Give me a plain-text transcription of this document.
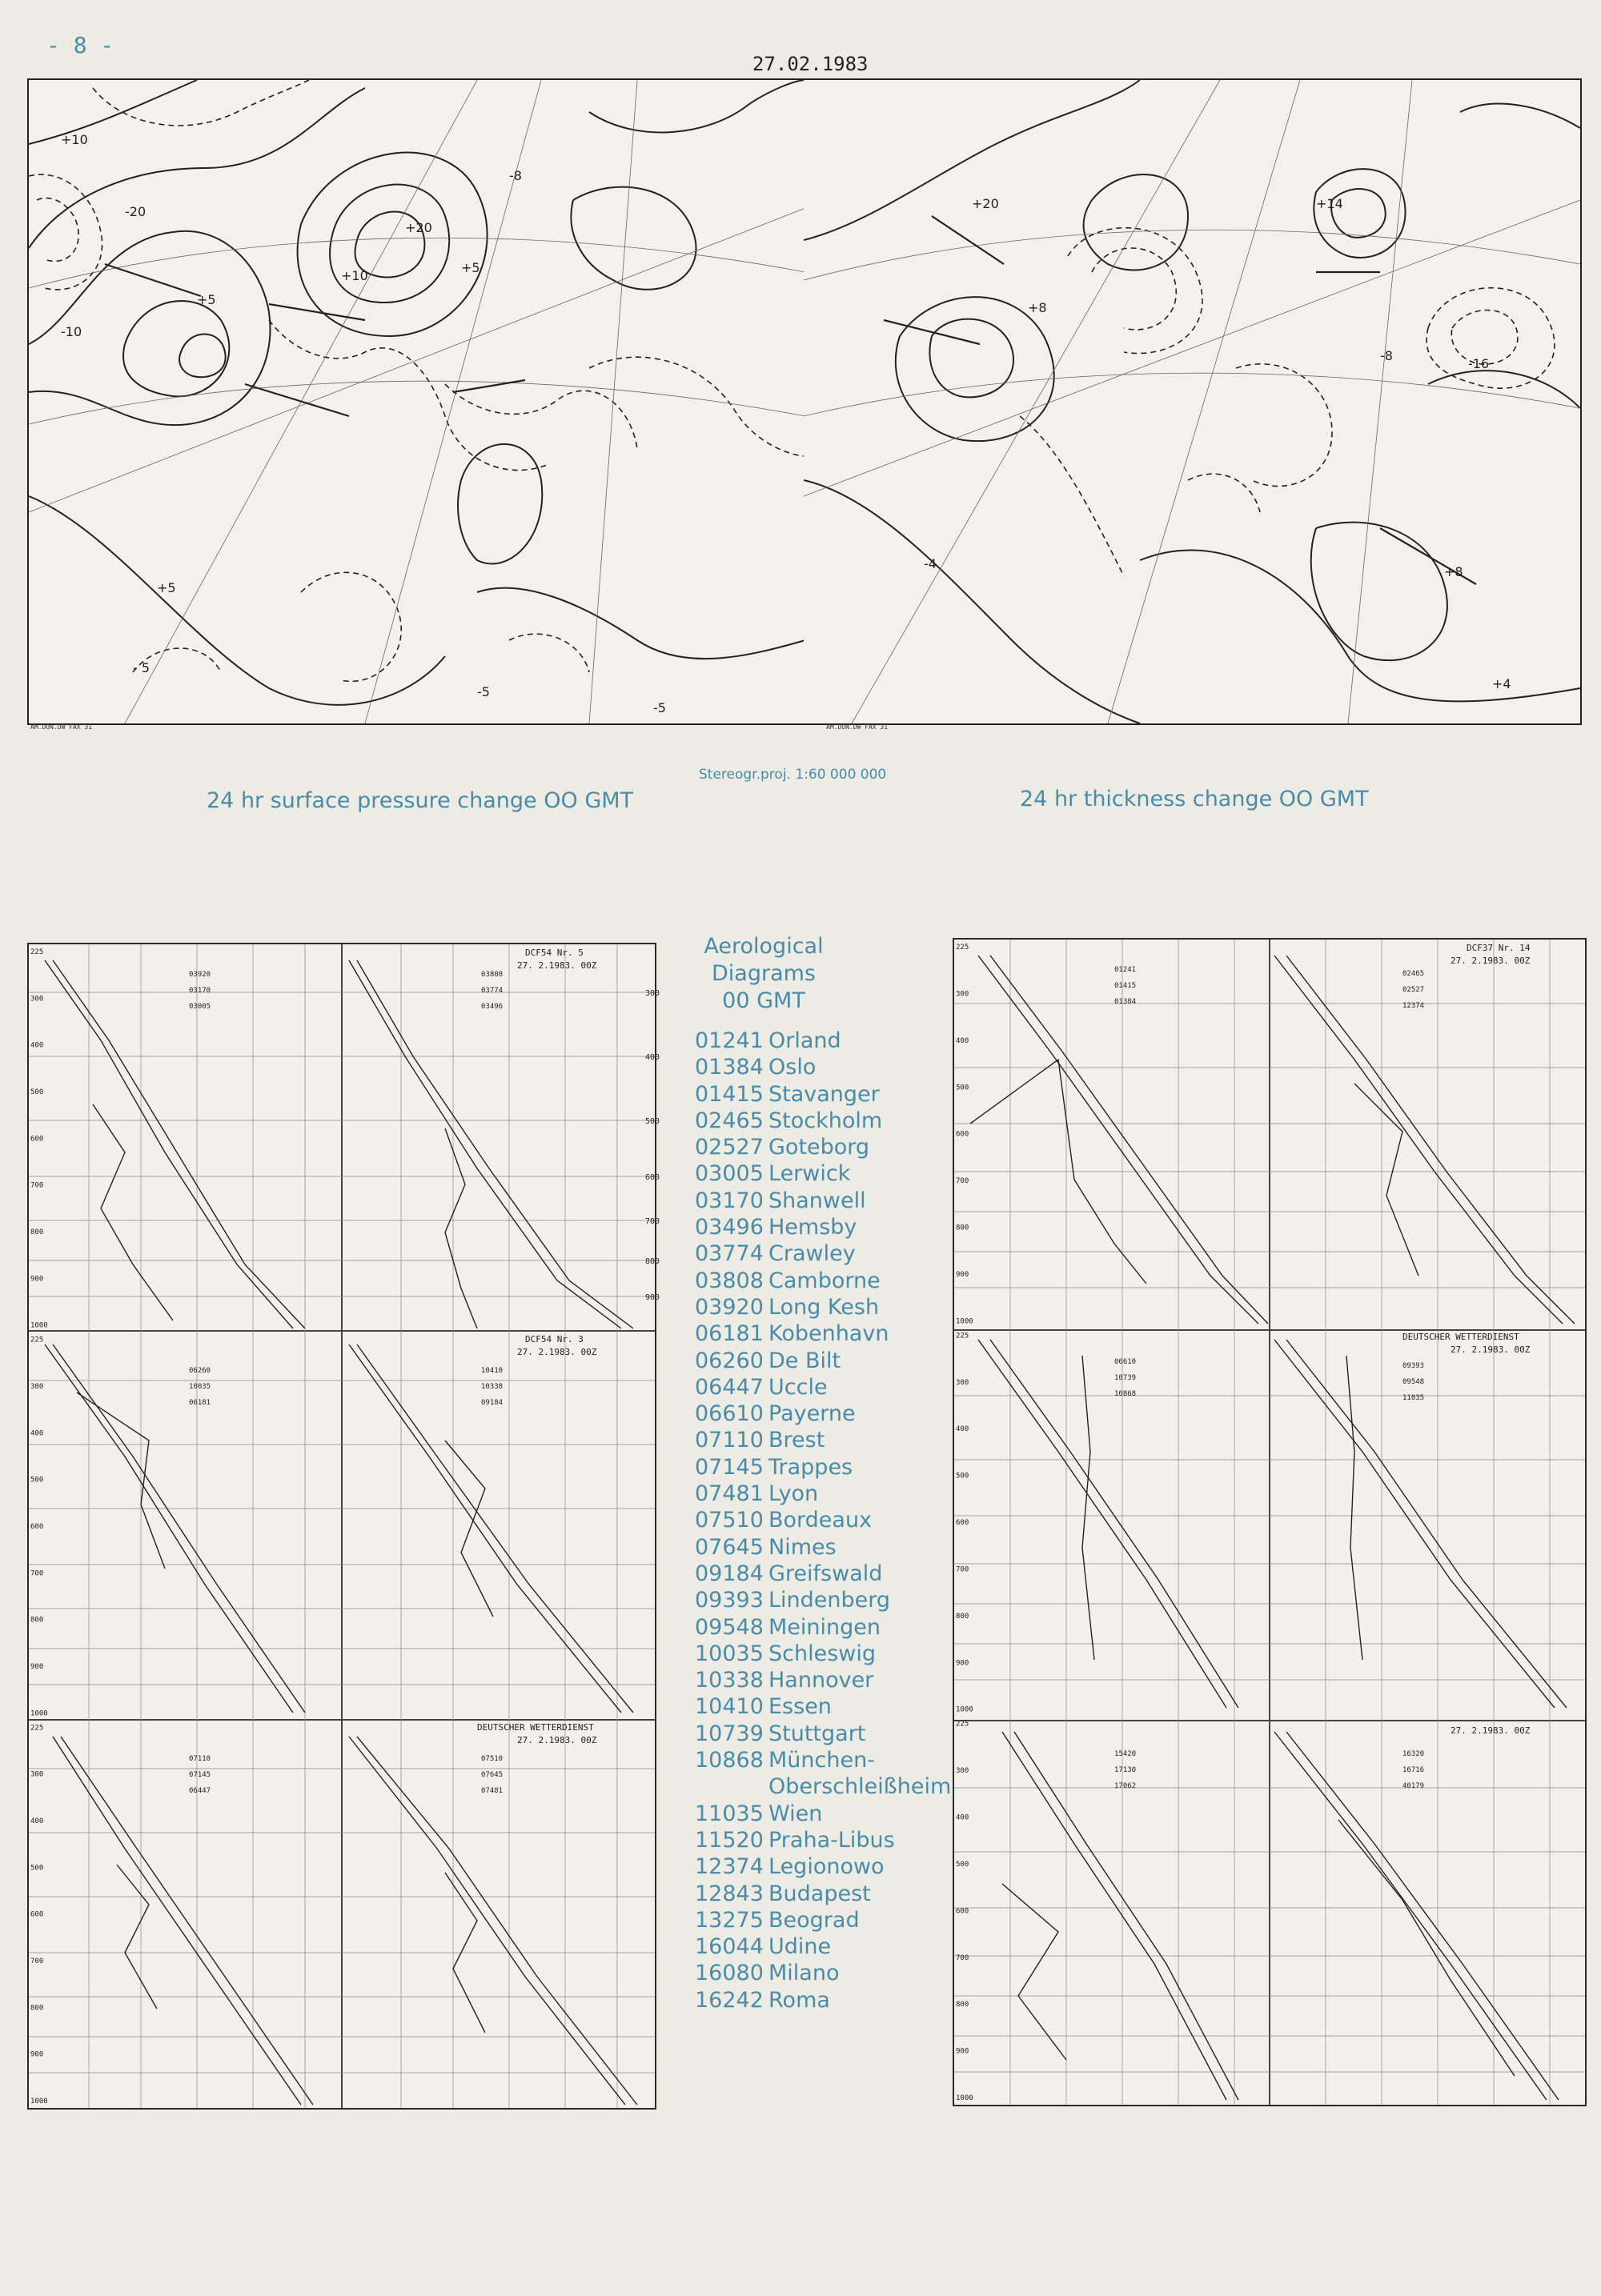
- 8 -
27.02.1983
+10
-20
-10
+5
+10
+20
+5
-8
+5
-5
- 5
-5
+20	+14
-8
-16
+8
+8
-4
+4
AM.DUN.DW FAX 31	AM.DUN.DW FAX 31
Stereogr.proj. 1:60 000 000
24 hr surface pressure change OO GMT	24 hr thickness change OO GMT
300
400
500
600
700
800
900
DCF54 Nr. 5
27. 2.1983. 00Z
DCF54 Nr. 3
27. 2.1983. 00Z
DEUTSCHER WETTERDIENST
27. 2.1983. 00Z
03920
03170
03005
03808
03774
03496
06260
10035
06181
10410
10338
09184
07110
07145
06447
07510
07645
07481
225
300
400
500
600
700
800
900
1000
225
300
400
500
600
700
800
900
1000
225
300
400
500
600
700
800
900
1000
Aerological
Diagrams
00 GMT
01241 Orland
01384 Oslo
01415 Stavanger
02465 Stockholm
02527 Goteborg
03005 Lerwick
03170 Shanwell
03496 Hemsby
03774 Crawley
03808 Camborne
03920 Long Kesh
06181 Kobenhavn
06260 De Bilt
06447 Uccle
06610 Payerne
07110 Brest
07145 Trappes
07481 Lyon
07510 Bordeaux
07645 Nimes
09184 Greifswald
09393 Lindenberg
09548 Meiningen
10035 Schleswig
10338 Hannover
10410 Essen
10739 Stuttgart
10868 München-
Oberschleißheim
11035 Wien
11520 Praha-Libus
12374 Legionowo
12843 Budapest
13275 Beograd
16044 Udine
16080 Milano
16242 Roma
DCF37 Nr. 14
27. 2.1983. 00Z
DEUTSCHER WETTERDIENST
27. 2.1983. 00Z
27. 2.1983. 00Z
01241
01415
01384
02465
02527
12374
06610
10739
10868
09393
09548
11035
15420
17130
17062
16320
16716
40179
225
300
400
500
600
700
800
900
1000
225
300
400
500
600
700
800
900
1000
225
300
400
500
600
700
800
900
1000
